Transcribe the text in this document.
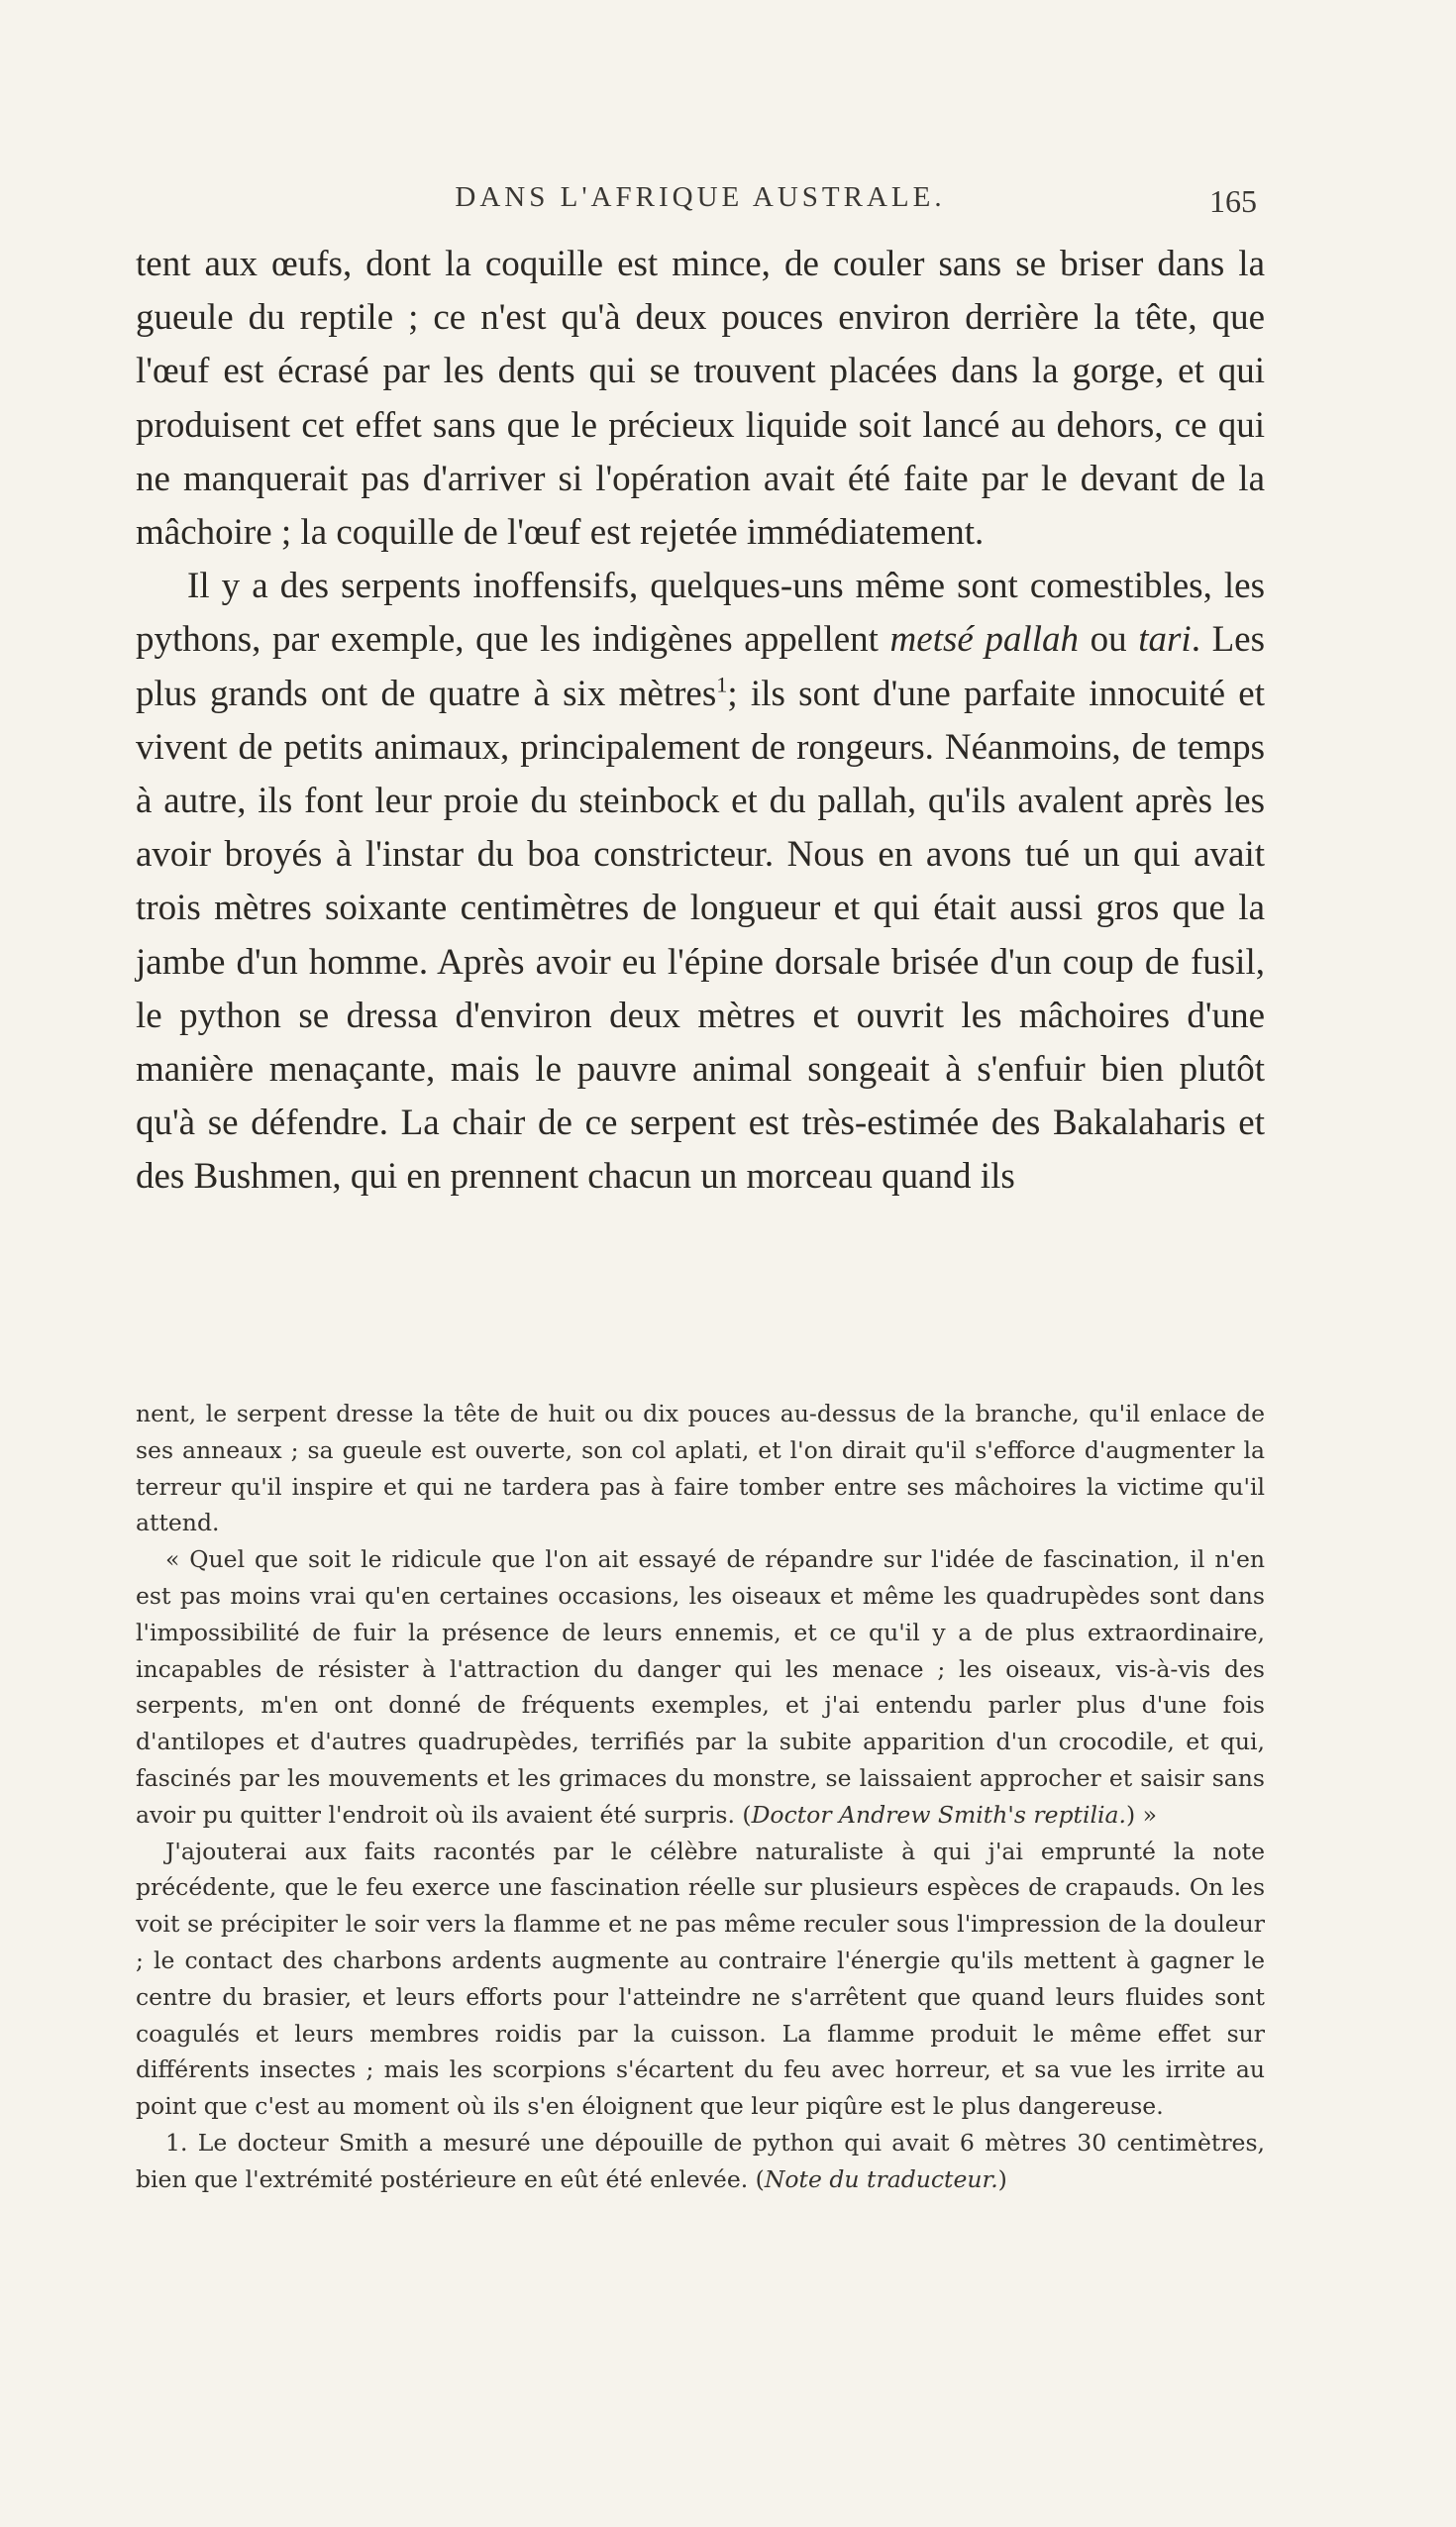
DANS L'AFRIQUE AUSTRALE.	165

tent aux œufs, dont la coquille est mince, de couler sans se briser dans la gueule du reptile ; ce n'est qu'à deux pouces environ derrière la tête, que l'œuf est écrasé par les dents qui se trouvent placées dans la gorge, et qui produisent cet effet sans que le précieux liquide soit lancé au dehors, ce qui ne manquerait pas d'arriver si l'opération avait été faite par le devant de la mâchoire ; la coquille de l'œuf est rejetée immédiatement.

Il y a des serpents inoffensifs, quelques-uns même sont comestibles, les pythons, par exemple, que les indigènes appellent metsé pallah ou tari. Les plus grands ont de quatre à six mètres$^1$; ils sont d'une parfaite innocuité et vivent de petits animaux, principalement de rongeurs. Néanmoins, de temps à autre, ils font leur proie du steinbock et du pallah, qu'ils avalent après les avoir broyés à l'instar du boa constricteur. Nous en avons tué un qui avait trois mètres soixante centimètres de longueur et qui était aussi gros que la jambe d'un homme. Après avoir eu l'épine dorsale brisée d'un coup de fusil, le python se dressa d'environ deux mètres et ouvrit les mâchoires d'une manière menaçante, mais le pauvre animal songeait à s'enfuir bien plutôt qu'à se défendre. La chair de ce serpent est très-estimée des Bakalaharis et des Bushmen, qui en prennent chacun un morceau quand ils

nent, le serpent dresse la tête de huit ou dix pouces au-dessus de la branche, qu'il enlace de ses anneaux ; sa gueule est ouverte, son col aplati, et l'on dirait qu'il s'efforce d'augmenter la terreur qu'il inspire et qui ne tardera pas à faire tomber entre ses mâchoires la victime qu'il attend.

« Quel que soit le ridicule que l'on ait essayé de répandre sur l'idée de fascination, il n'en est pas moins vrai qu'en certaines occasions, les oiseaux et même les quadrupèdes sont dans l'impossibilité de fuir la présence de leurs ennemis, et ce qu'il y a de plus extraordinaire, incapables de résister à l'attraction du danger qui les menace ; les oiseaux, vis-à-vis des serpents, m'en ont donné de fréquents exemples, et j'ai entendu parler plus d'une fois d'antilopes et d'autres quadrupèdes, terrifiés par la subite apparition d'un crocodile, et qui, fascinés par les mouvements et les grimaces du monstre, se laissaient approcher et saisir sans avoir pu quitter l'endroit où ils avaient été surpris. (Doctor Andrew Smith's reptilia.) »

J'ajouterai aux faits racontés par le célèbre naturaliste à qui j'ai emprunté la note précédente, que le feu exerce une fascination réelle sur plusieurs espèces de crapauds. On les voit se précipiter le soir vers la flamme et ne pas même reculer sous l'impression de la douleur ; le contact des charbons ardents augmente au contraire l'énergie qu'ils mettent à gagner le centre du brasier, et leurs efforts pour l'atteindre ne s'arrêtent que quand leurs fluides sont coagulés et leurs membres roidis par la cuisson. La flamme produit le même effet sur différents insectes ; mais les scorpions s'écartent du feu avec horreur, et sa vue les irrite au point que c'est au moment où ils s'en éloignent que leur piqûre est le plus dangereuse.

1. Le docteur Smith a mesuré une dépouille de python qui avait 6 mètres 30 centimètres, bien que l'extrémité postérieure en eût été enlevée. (Note du traducteur.)
